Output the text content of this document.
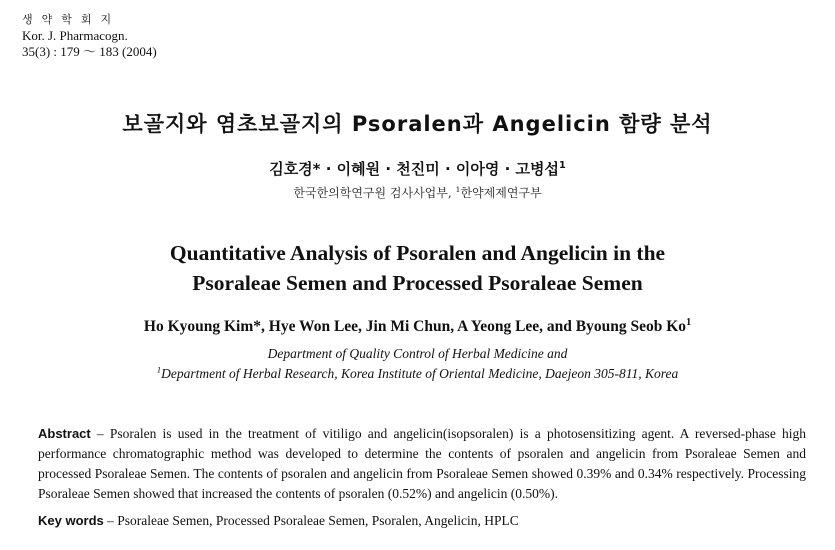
생약학회지
Kor. J. Pharmacogn.
35(3) : 179 ～ 183 (2004)
보골지와 염초보골지의 Psoralen과 Angelicin 함량 분석
김호경* · 이혜원 · 천진미 · 이아영 · 고병섭$^1$
한국한의학연구원 검사사업부, $^1$한약제제연구부
Quantitative Analysis of Psoralen and Angelicin in the
Psoraleae Semen and Processed Psoraleae Semen
Ho Kyoung Kim*, Hye Won Lee, Jin Mi Chun, A Yeong Lee, and Byoung Seob Ko$^1$
Department of Quality Control of Herbal Medicine and
$^1$Department of Herbal Research, Korea Institute of Oriental Medicine, Daejeon 305-811, Korea
Abstract – Psoralen is used in the treatment of vitiligo and angelicin(isopsoralen) is a photosensitizing agent. A reversed-phase high performance chromatographic method was developed to determine the contents of psoralen and angelicin from Psoraleae Semen and processed Psoraleae Semen. The contents of psoralen and angelicin from Psoraleae Semen showed 0.39% and 0.34% respectively. Processing Psoraleae Semen showed that increased the contents of psoralen (0.52%) and angelicin (0.50%).
Key words – Psoraleae Semen, Processed Psoraleae Semen, Psoralen, Angelicin, HPLC
